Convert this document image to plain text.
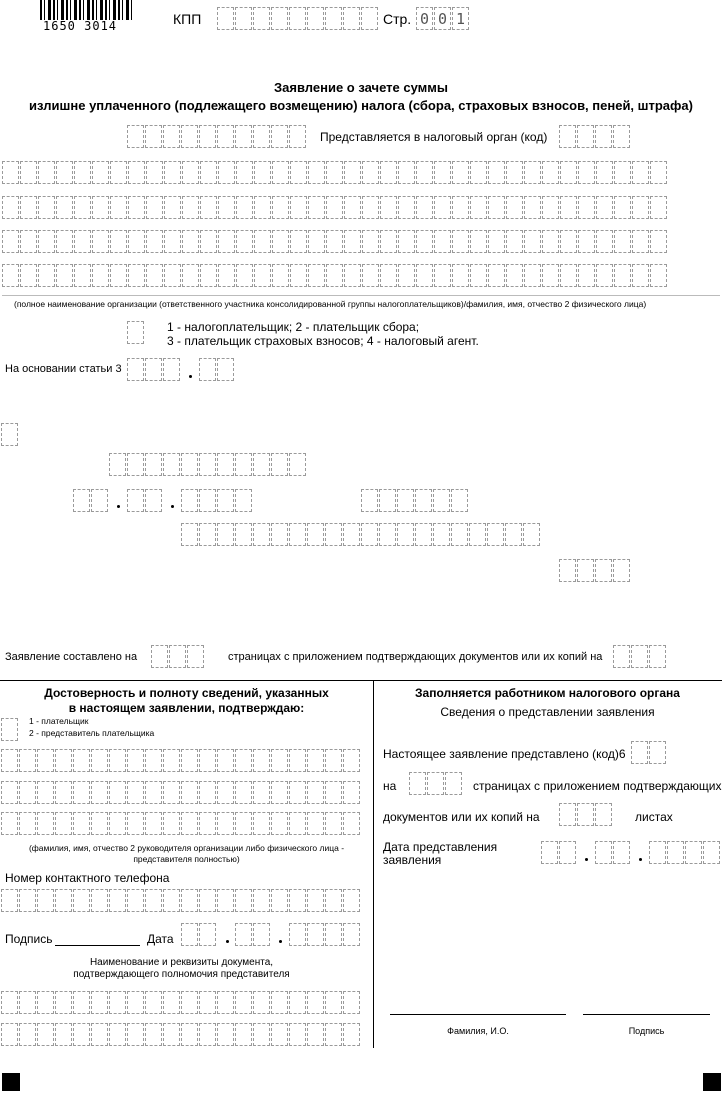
1650 3014	КПП	Стр. 0 0 1
Заявление о зачете суммы
излишне уплаченного (подлежащего возмещению) налога (сбора, страховых взносов, пеней, штрафа)
Представляется в налоговый орган (код)
(полное наименование организации (ответственного участника консолидированной группы налогоплательщиков)/фамилия, имя, отчество 2 физического лица)
1 - налогоплательщик; 2 - плательщик сбора;
3 - плательщик страховых взносов; 4 - налоговый агент.
На основании статьи 3
Заявление составлено на	страницах с приложением подтверждающих документов или их копий на
Достоверность и полноту сведений, указанных
в настоящем заявлении, подтверждаю:
1 - плательщик
2 - представитель плательщика
(фамилия, имя, отчество 2 руководителя организации либо физического лица -
представителя полностью)
Номер контактного телефона
Подпись	Дата
Наименование и реквизиты документа,
подтверждающего полномочия представителя
Заполняется работником налогового органа
Сведения о представлении заявления
Настоящее заявление представлено (код)6
на	страницах с приложением подтверждающих
документов или их копий на	листах
Дата представления
заявления
Фамилия, И.О.	Подпись
